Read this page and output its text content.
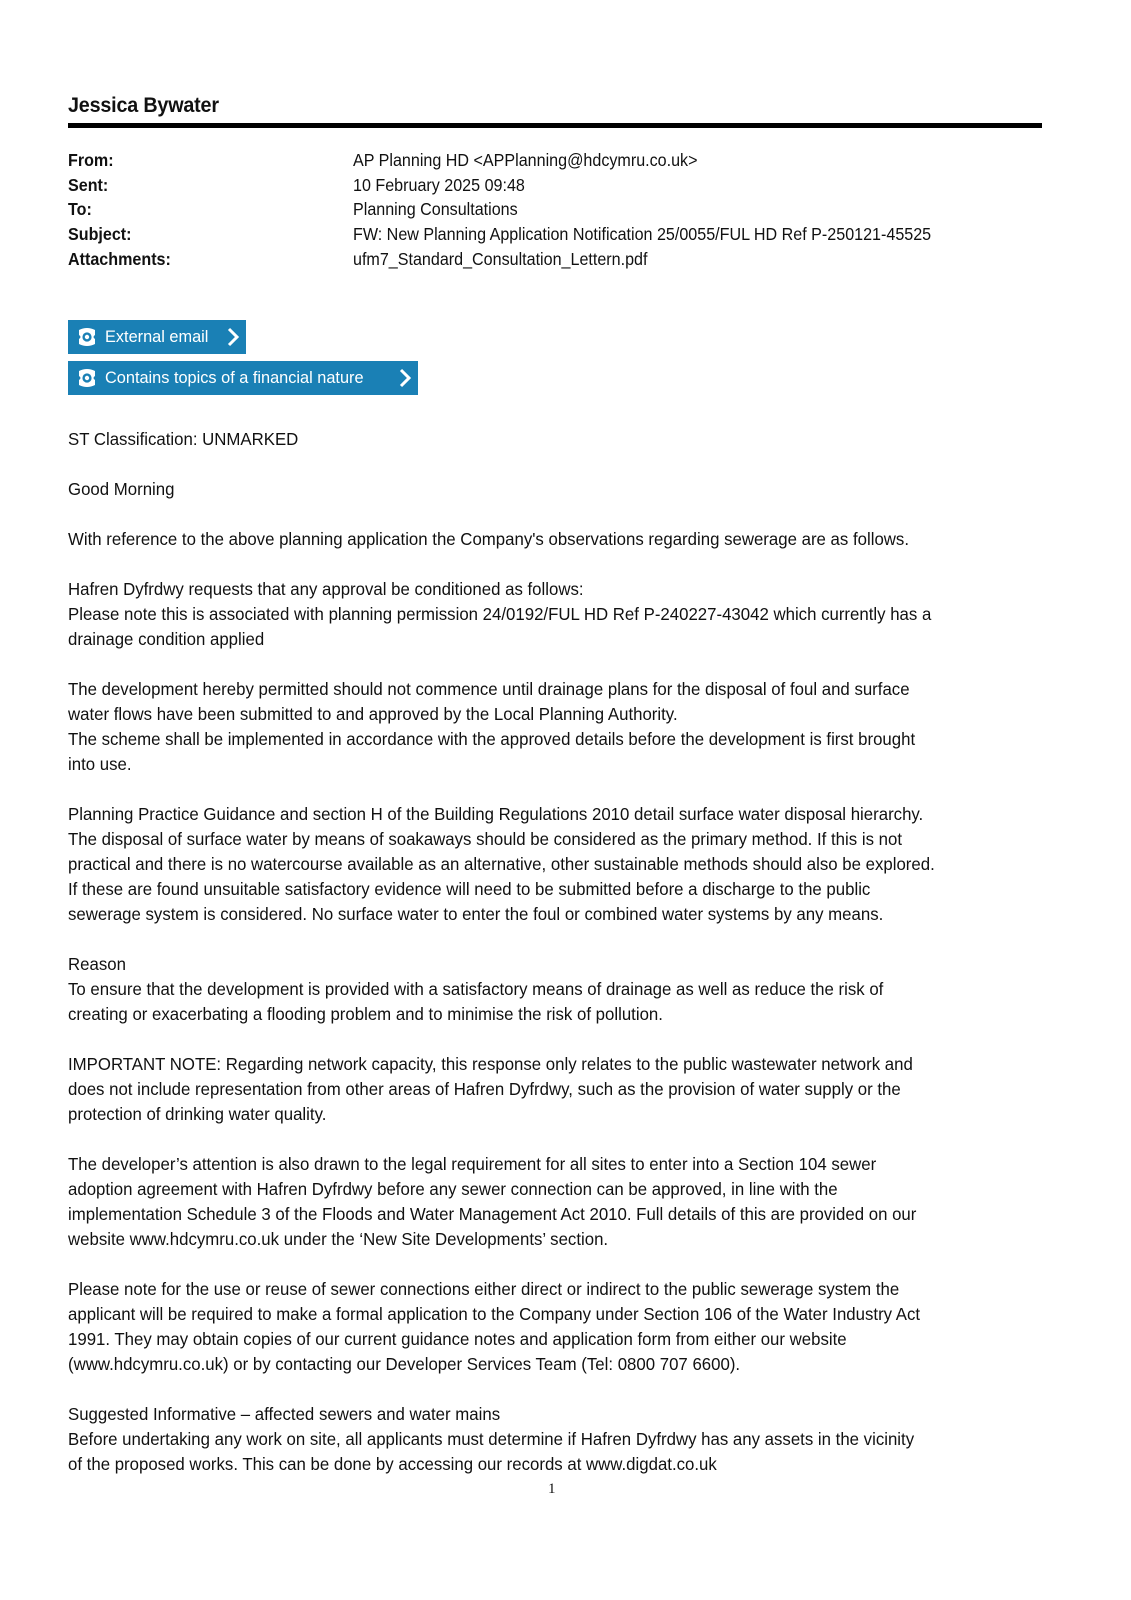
Jessica Bywater
From:	AP Planning HD <APPlanning@hdcymru.co.uk>
Sent:	10 February 2025 09:48
To:	Planning Consultations
Subject:	FW: New Planning Application Notification 25/0055/FUL HD Ref P-250121-45525
Attachments:	ufm7_Standard_Consultation_Lettern.pdf
External email
Contains topics of a financial nature

ST Classification: UNMARKED

Good Morning

With reference to the above planning application the Company's observations regarding sewerage are as follows.

Hafren Dyfrdwy requests that any approval be conditioned as follows:
Please note this is associated with planning permission 24/0192/FUL HD Ref P-240227-43042 which currently has a
drainage condition applied

The development hereby permitted should not commence until drainage plans for the disposal of foul and surface
water flows have been submitted to and approved by the Local Planning Authority.
The scheme shall be implemented in accordance with the approved details before the development is first brought
into use.

Planning Practice Guidance and section H of the Building Regulations 2010 detail surface water disposal hierarchy.
The disposal of surface water by means of soakaways should be considered as the primary method. If this is not
practical and there is no watercourse available as an alternative, other sustainable methods should also be explored.
If these are found unsuitable satisfactory evidence will need to be submitted before a discharge to the public
sewerage system is considered. No surface water to enter the foul or combined water systems by any means.

Reason
To ensure that the development is provided with a satisfactory means of drainage as well as reduce the risk of
creating or exacerbating a flooding problem and to minimise the risk of pollution.

IMPORTANT NOTE: Regarding network capacity, this response only relates to the public wastewater network and
does not include representation from other areas of Hafren Dyfrdwy, such as the provision of water supply or the
protection of drinking water quality.

The developer’s attention is also drawn to the legal requirement for all sites to enter into a Section 104 sewer
adoption agreement with Hafren Dyfrdwy before any sewer connection can be approved, in line with the
implementation Schedule 3 of the Floods and Water Management Act 2010. Full details of this are provided on our
website www.hdcymru.co.uk under the ‘New Site Developments’ section.

Please note for the use or reuse of sewer connections either direct or indirect to the public sewerage system the
applicant will be required to make a formal application to the Company under Section 106 of the Water Industry Act
1991. They may obtain copies of our current guidance notes and application form from either our website
(www.hdcymru.co.uk) or by contacting our Developer Services Team (Tel: 0800 707 6600).

Suggested Informative – affected sewers and water mains
Before undertaking any work on site, all applicants must determine if Hafren Dyfrdwy has any assets in the vicinity
of the proposed works. This can be done by accessing our records at www.digdat.co.uk

1
